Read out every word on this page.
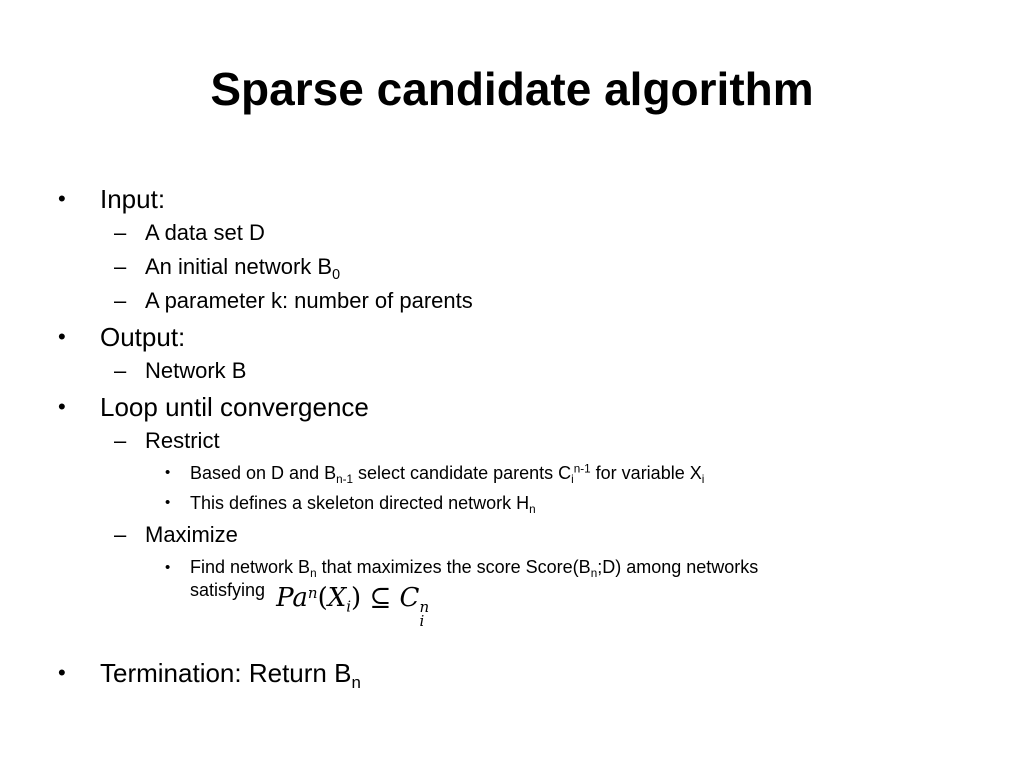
Sparse candidate algorithm
• Input:
– A data set D
– An initial network $B_0$
– A parameter k: number of parents
• Output:
– Network B
• Loop until convergence
– Restrict
• Based on D and $B_{n-1}$ select candidate parents $C_i^{n-1}$ for variable $X_i$
• This defines a skeleton directed network $H_n$
– Maximize
• Find network $B_n$ that maximizes the score $Score(B_n;D)$ among networks
satisfying $Pa^n(X_i)$ ⊆ C n
i
• Termination: Return $B_n$
